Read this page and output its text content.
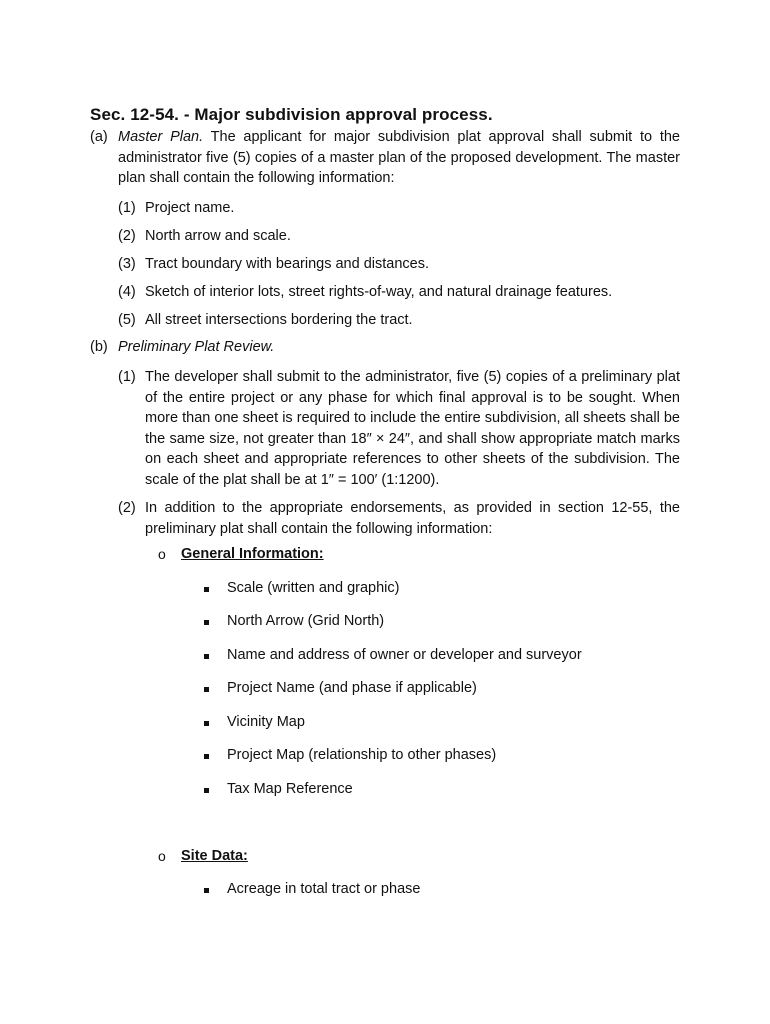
Sec. 12-54. - Major subdivision approval process.
(a) Master Plan. The applicant for major subdivision plat approval shall submit to the administrator five (5) copies of a master plan of the proposed development. The master plan shall contain the following information:
(1) Project name.
(2) North arrow and scale.
(3) Tract boundary with bearings and distances.
(4) Sketch of interior lots, street rights-of-way, and natural drainage features.
(5) All street intersections bordering the tract.
(b) Preliminary Plat Review.
(1) The developer shall submit to the administrator, five (5) copies of a preliminary plat of the entire project or any phase for which final approval is to be sought. When more than one sheet is required to include the entire subdivision, all sheets shall be the same size, not greater than 18″ × 24″, and shall show appropriate match marks on each sheet and appropriate references to other sheets of the subdivision. The scale of the plat shall be at 1″ = 100′ (1:1200).
(2) In addition to the appropriate endorsements, as provided in section 12-55, the preliminary plat shall contain the following information:
o General Information:
Scale (written and graphic)
North Arrow (Grid North)
Name and address of owner or developer and surveyor
Project Name (and phase if applicable)
Vicinity Map
Project Map (relationship to other phases)
Tax Map Reference
o Site Data:
Acreage in total tract or phase
